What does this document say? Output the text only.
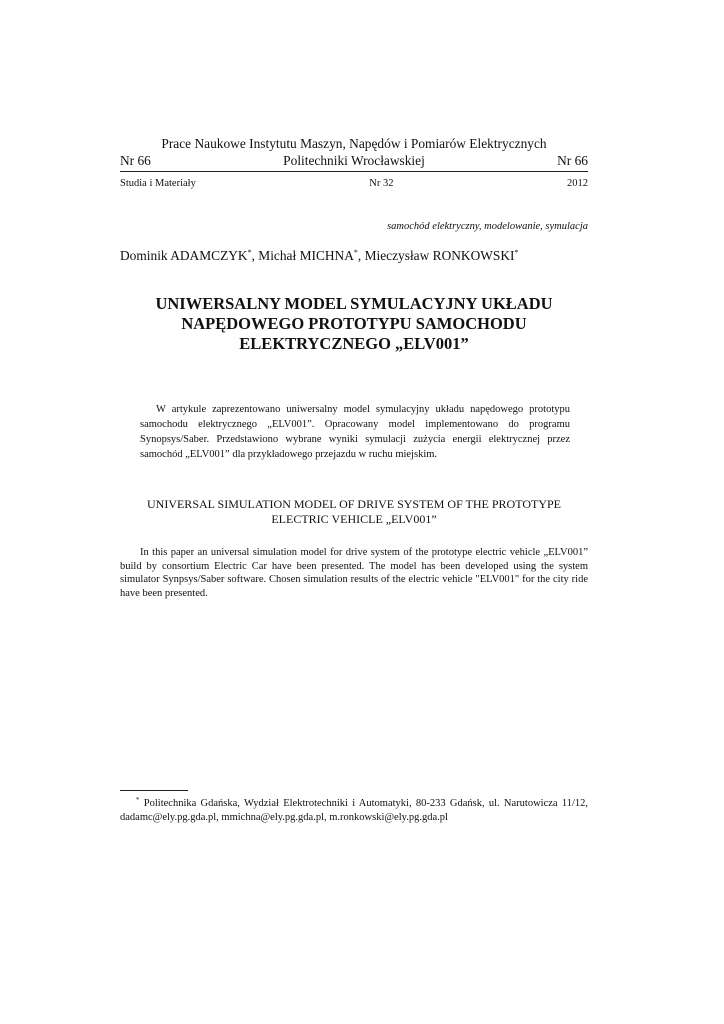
Prace Naukowe Instytutu Maszyn, Napędów i Pomiarów Elektrycznych
Nr 66	Politechniki Wrocławskiej	Nr 66
Studia i Materiały	Nr 32	2012
samochód elektryczny, modelowanie, symulacja
Dominik ADAMCZYK*, Michał MICHNA*, Mieczysław RONKOWSKI*
UNIWERSALNY MODEL SYMULACYJNY UKŁADU
NAPĘDOWEGO PROTOTYPU SAMOCHODU
ELEKTRYCZNEGO „ELV001”
W artykule zaprezentowano uniwersalny model symulacyjny układu napędowego prototypu samochodu elektrycznego „ELV001”. Opracowany model implementowano do programu Synopsys/Saber. Przedstawiono wybrane wyniki symulacji zużycia energii elektrycznej przez samochód „ELV001” dla przykładowego przejazdu w ruchu miejskim.
UNIVERSAL SIMULATION MODEL OF DRIVE SYSTEM OF THE PROTOTYPE
ELECTRIC VEHICLE „ELV001”
In this paper an universal simulation model for drive system of the prototype electric vehicle „ELV001” build by consortium Electric Car have been presented. The model has been developed using the system simulator Synpsys/Saber software. Chosen simulation results of the electric vehicle "ELV001" for the city ride have been presented.
* Politechnika Gdańska, Wydział Elektrotechniki i Automatyki, 80-233 Gdańsk, ul. Narutowicza 11/12, dadamc@ely.pg.gda.pl, mmichna@ely.pg.gda.pl, m.ronkowski@ely.pg.gda.pl
